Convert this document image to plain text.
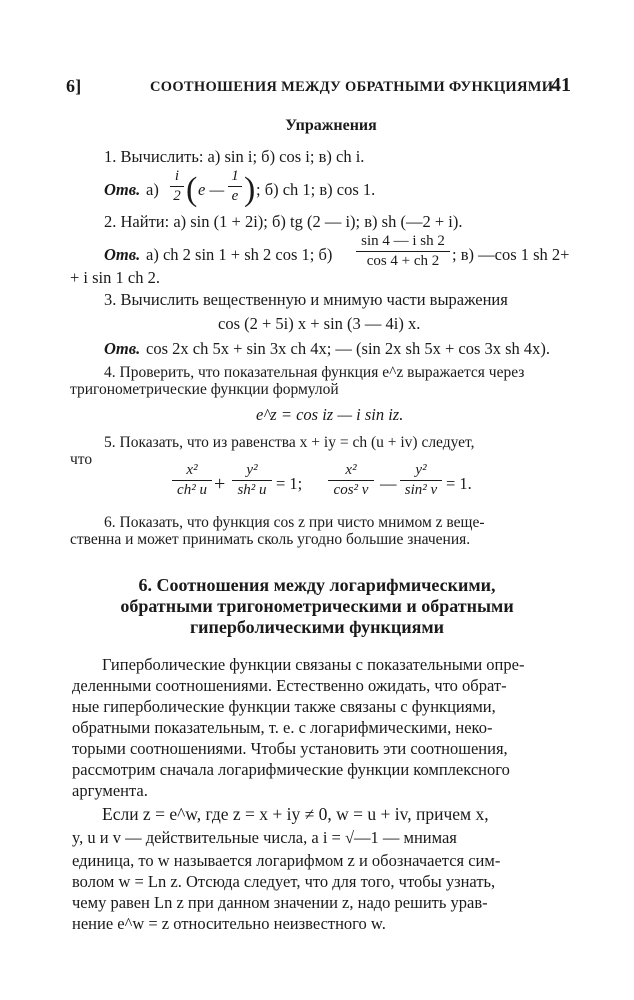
6]	СООТНОШЕНИЯ МЕЖДУ ОБРАТНЫМИ ФУНКЦИЯМИ
41
Упражнения
1. Вычислить: а) sin i; б) cos i; в) ch i.
Отв. а)
i
2 ( e —
1
e ) ; б) ch 1; в) cos 1.
2. Найти: а) sin (1 + 2i); б) tg (2 — i); в) sh (—2 + i).
Отв. а) ch 2 sin 1 + sh 2 cos 1; б)
sin 4 — i sh 2
cos 4 + ch 2 ; в) —cos 1 sh 2+
+ i sin 1 ch 2.
3. Вычислить вещественную и мнимую части выражения
cos (2 + 5i) x + sin (3 — 4i) x.
Отв. cos 2x ch 5x + sin 3x ch 4x; — (sin 2x sh 5x + cos 3x sh 4x).
4. Проверить, что показательная функция e^z выражается через
тригонометрические функции формулой
e^z = cos iz — i sin iz.
5. Показать, что из равенства x + iy = ch (u + iv) следует,
что
x²
ch² u +
y²
sh² u = 1;
x²
cos² v —
y²
sin² v = 1.
6. Показать, что функция cos z при чисто мнимом z веще-
ственна и может принимать сколь угодно большие значения.
6. Соотношения между логарифмическими,
обратными тригонометрическими и обратными
гиперболическими функциями
Гиперболические функции связаны с показательными опре-
деленными соотношениями. Естественно ожидать, что обрат-
ные гиперболические функции также связаны с функциями,
обратными показательным, т. е. с логарифмическими, неко-
торыми соотношениями. Чтобы установить эти соотношения,
рассмотрим сначала логарифмические функции комплексного
аргумента.
Если z = e^w, где z = x + iy ≠ 0, w = u + iv, причем x,
y, u и v — действительные числа, а i = √—1 — мнимая
единица, то w называется логарифмом z и обозначается сим-
волом w = Ln z. Отсюда следует, что для того, чтобы узнать,
чему равен Ln z при данном значении z, надо решить урав-
нение e^w = z относительно неизвестного w.
